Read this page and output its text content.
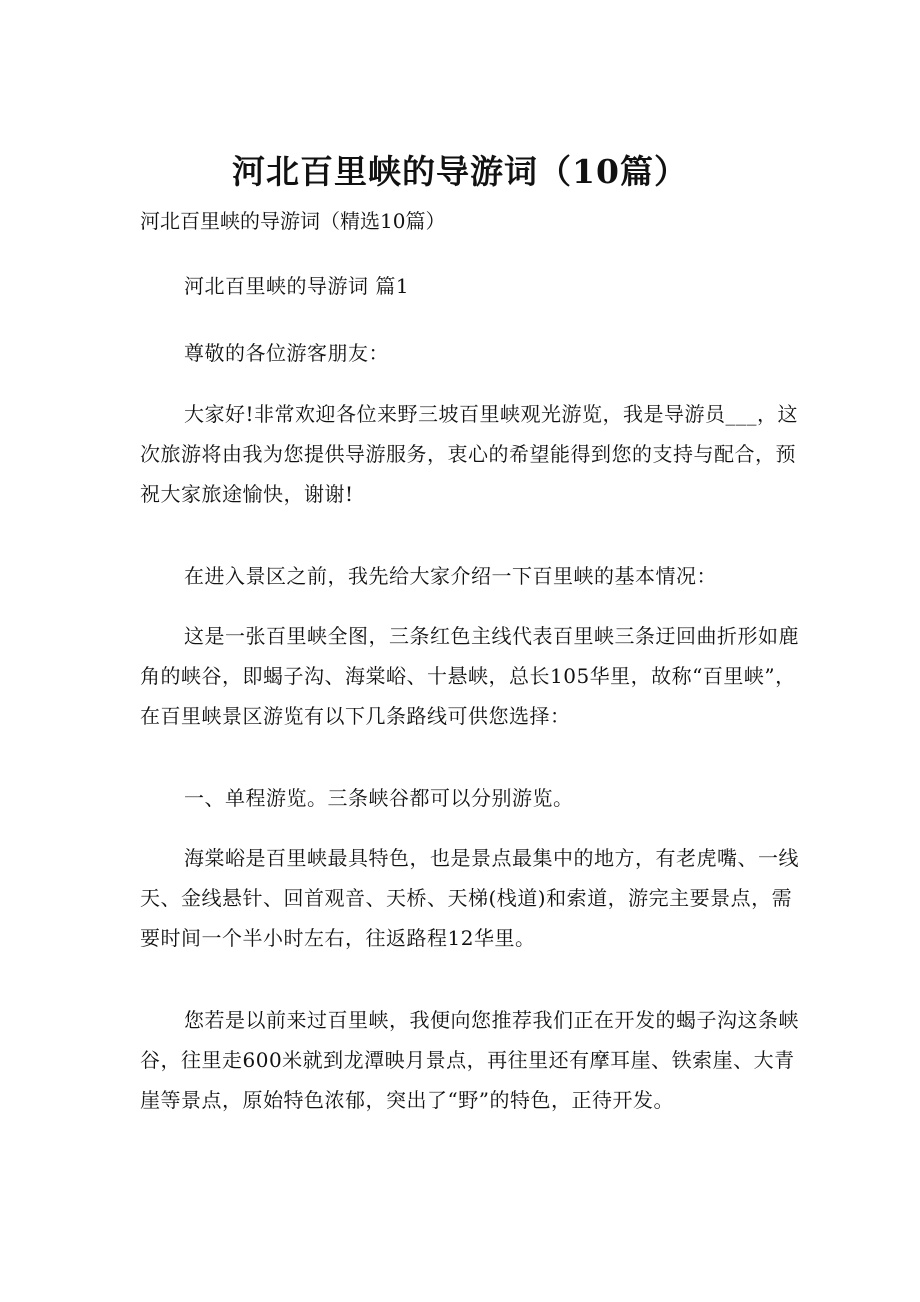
河北百里峡的导游词（10篇）

河北百里峡的导游词（精选10篇）

河北百里峡的导游词 篇1

尊敬的各位游客朋友：

大家好!非常欢迎各位来野三坡百里峡观光游览，我是导游员___，这次旅游将由我为您提供导游服务，衷心的希望能得到您的支持与配合，预祝大家旅途愉快，谢谢!

在进入景区之前，我先给大家介绍一下百里峡的基本情况：

这是一张百里峡全图，三条红色主线代表百里峡三条迂回曲折形如鹿角的峡谷，即蝎子沟、海棠峪、十悬峡，总长105华里，故称“百里峡”，在百里峡景区游览有以下几条路线可供您选择：

一、单程游览。三条峡谷都可以分别游览。

海棠峪是百里峡最具特色，也是景点最集中的地方，有老虎嘴、一线天、金线悬针、回首观音、天桥、天梯(栈道)和索道，游完主要景点，需要时间一个半小时左右，往返路程12华里。

您若是以前来过百里峡，我便向您推荐我们正在开发的蝎子沟这条峡谷，往里走600米就到龙潭映月景点，再往里还有摩耳崖、铁索崖、大青崖等景点，原始特色浓郁，突出了“野”的特色，正待开发。
